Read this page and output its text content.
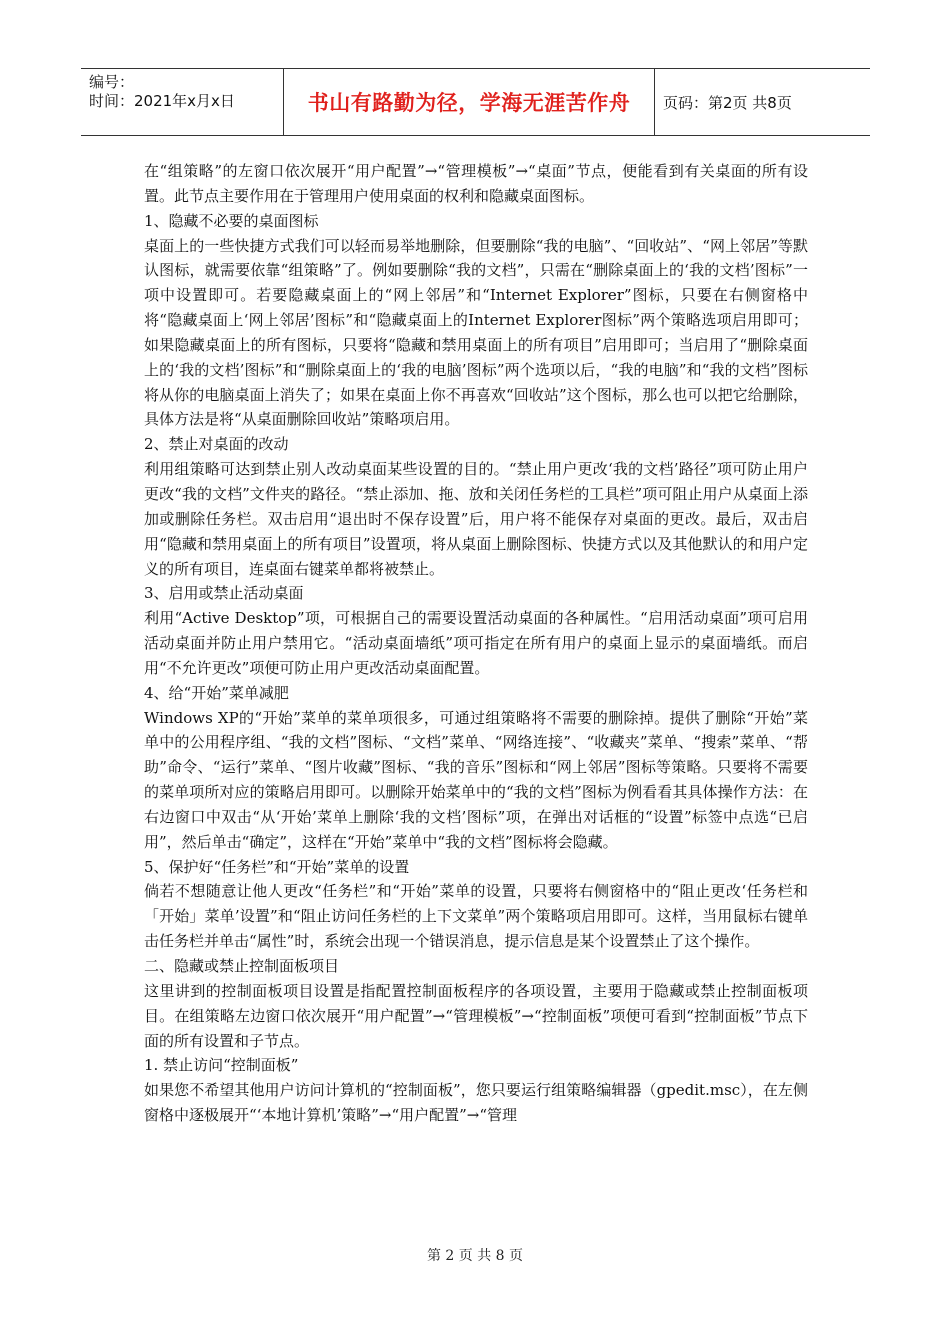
编号：
时间：2021年x月x日	书山有路勤为径，学海无涯苦作舟 页码：第2页 共8页

在“组策略”的左窗口依次展开“用户配置”→“管理模板”→“桌面”节点，便能看到有关桌面的所有设置。此节点主要作用在于管理用户使用桌面的权利和隐藏桌面图标。

1、隐藏不必要的桌面图标

桌面上的一些快捷方式我们可以轻而易举地删除，但要删除“我的电脑”、“回收站”、“网上邻居”等默认图标，就需要依靠“组策略”了。例如要删除“我的文档”，只需在“删除桌面上的‘我的文档’图标”一项中设置即可。若要隐藏桌面上的“网上邻居”和“Internet Explorer”图标，只要在右侧窗格中将“隐藏桌面上‘网上邻居’图标”和“隐藏桌面上的Internet Explorer图标”两个策略选项启用即可；如果隐藏桌面上的所有图标，只要将“隐藏和禁用桌面上的所有项目”启用即可；当启用了“删除桌面上的‘我的文档’图标”和“删除桌面上的‘我的电脑’图标”两个选项以后，“我的电脑”和“我的文档”图标将从你的电脑桌面上消失了；如果在桌面上你不再喜欢“回收站”这个图标，那么也可以把它给删除，具体方法是将“从桌面删除回收站”策略项启用。

2、禁止对桌面的改动

利用组策略可达到禁止别人改动桌面某些设置的目的。“禁止用户更改‘我的文档’路径”项可防止用户更改“我的文档”文件夹的路径。“禁止添加、拖、放和关闭任务栏的工具栏”项可阻止用户从桌面上添加或删除任务栏。双击启用“退出时不保存设置”后，用户将不能保存对桌面的更改。最后，双击启用“隐藏和禁用桌面上的所有项目”设置项，将从桌面上删除图标、快捷方式以及其他默认的和用户定义的所有项目，连桌面右键菜单都将被禁止。

3、启用或禁止活动桌面

利用“Active Desktop”项，可根据自己的需要设置活动桌面的各种属性。“启用活动桌面”项可启用活动桌面并防止用户禁用它。“活动桌面墙纸”项可指定在所有用户的桌面上显示的桌面墙纸。而启用“不允许更改”项便可防止用户更改活动桌面配置。

4、给“开始”菜单减肥

Windows XP的“开始”菜单的菜单项很多，可通过组策略将不需要的删除掉。提供了删除“开始”菜单中的公用程序组、“我的文档”图标、“文档”菜单、“网络连接”、“收藏夹”菜单、“搜索”菜单、“帮助”命令、“运行”菜单、“图片收藏”图标、“我的音乐”图标和“网上邻居”图标等策略。只要将不需要的菜单项所对应的策略启用即可。以删除开始菜单中的“我的文档”图标为例看看其具体操作方法：在右边窗口中双击“从‘开始’菜单上删除‘我的文档’图标”项，在弹出对话框的“设置”标签中点选“已启用”，然后单击“确定”，这样在“开始”菜单中“我的文档”图标将会隐藏。

5、保护好“任务栏”和“开始”菜单的设置

倘若不想随意让他人更改“任务栏”和“开始”菜单的设置，只要将右侧窗格中的“阻止更改‘任务栏和「开始」菜单’设置”和“阻止访问任务栏的上下文菜单”两个策略项启用即可。这样，当用鼠标右键单击任务栏并单击“属性”时，系统会出现一个错误消息，提示信息是某个设置禁止了这个操作。

二、隐藏或禁止控制面板项目

这里讲到的控制面板项目设置是指配置控制面板程序的各项设置，主要用于隐藏或禁止控制面板项目。在组策略左边窗口依次展开“用户配置”→“管理模板”→“控制面板”项便可看到“控制面板”节点下面的所有设置和子节点。

1. 禁止访问“控制面板”

如果您不希望其他用户访问计算机的“控制面板”，您只要运行组策略编辑器（gpedit.msc），在左侧窗格中逐极展开“‘本地计算机’策略”→“用户配置”→“管理

第 2 页 共 8 页
